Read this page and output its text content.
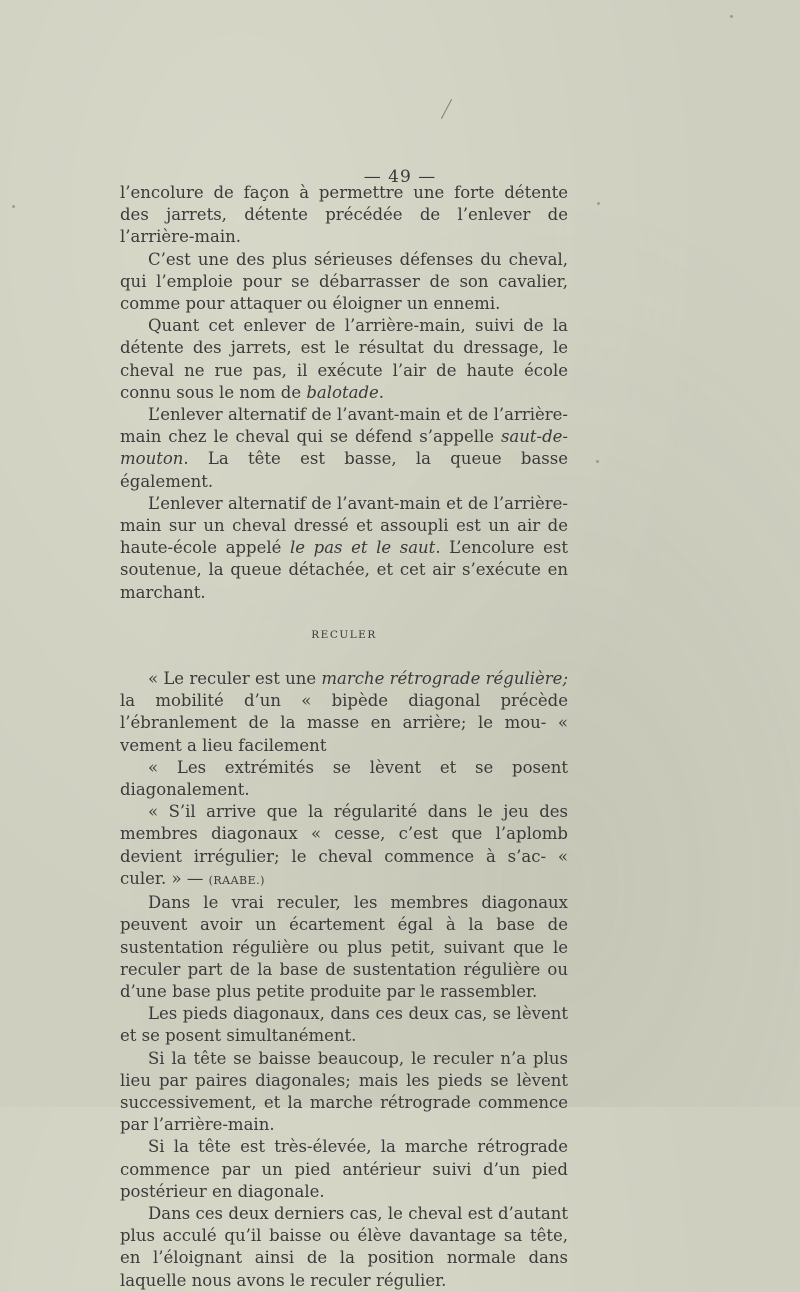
— 49 —

l’encolure de façon à permettre une forte détente des jarrets, détente précédée de l’enlever de l’arrière-main.

C’est une des plus sérieuses défenses du cheval, qui l’emploie pour se débarrasser de son cavalier, comme pour attaquer ou éloigner un ennemi.

Quant cet enlever de l’arrière-main, suivi de la détente des jarrets, est le résultat du dressage, le cheval ne rue pas, il exécute l’air de haute école connu sous le nom de balotade.

L’enlever alternatif de l’avant-main et de l’arrière-main chez le cheval qui se défend s’appelle saut-de-mouton. La tête est basse, la queue basse également.

L’enlever alternatif de l’avant-main et de l’arrière-main sur un cheval dressé et assoupli est un air de haute-école appelé le pas et le saut. L’encolure est soutenue, la queue détachée, et cet air s’exécute en marchant.

RECULER

« Le reculer est une marche rétrograde régulière; la mobilité d’un « bipède diagonal précède l’ébranlement de la masse en arrière; le mou- « vement a lieu facilement

« Les extrémités se lèvent et se posent diagonalement.

« S’il arrive que la régularité dans le jeu des membres diagonaux « cesse, c’est que l’aplomb devient irrégulier; le cheval commence à s’ac- « culer. » — (RAABE.)

Dans le vrai reculer, les membres diagonaux peuvent avoir un écartement égal à la base de sustentation régulière ou plus petit, suivant que le reculer part de la base de sustentation régulière ou d’une base plus petite produite par le rassembler.

Les pieds diagonaux, dans ces deux cas, se lèvent et se posent simultanément.

Si la tête se baisse beaucoup, le reculer n’a plus lieu par paires diagonales; mais les pieds se lèvent successivement, et la marche rétrograde commence par l’arrière-main.

Si la tête est très-élevée, la marche rétrograde commence par un pied antérieur suivi d’un pied postérieur en diagonale.

Dans ces deux derniers cas, le cheval est d’autant plus acculé qu’il baisse ou élève davantage sa tête, en l’éloignant ainsi de la position normale dans laquelle nous avons le reculer régulier.
